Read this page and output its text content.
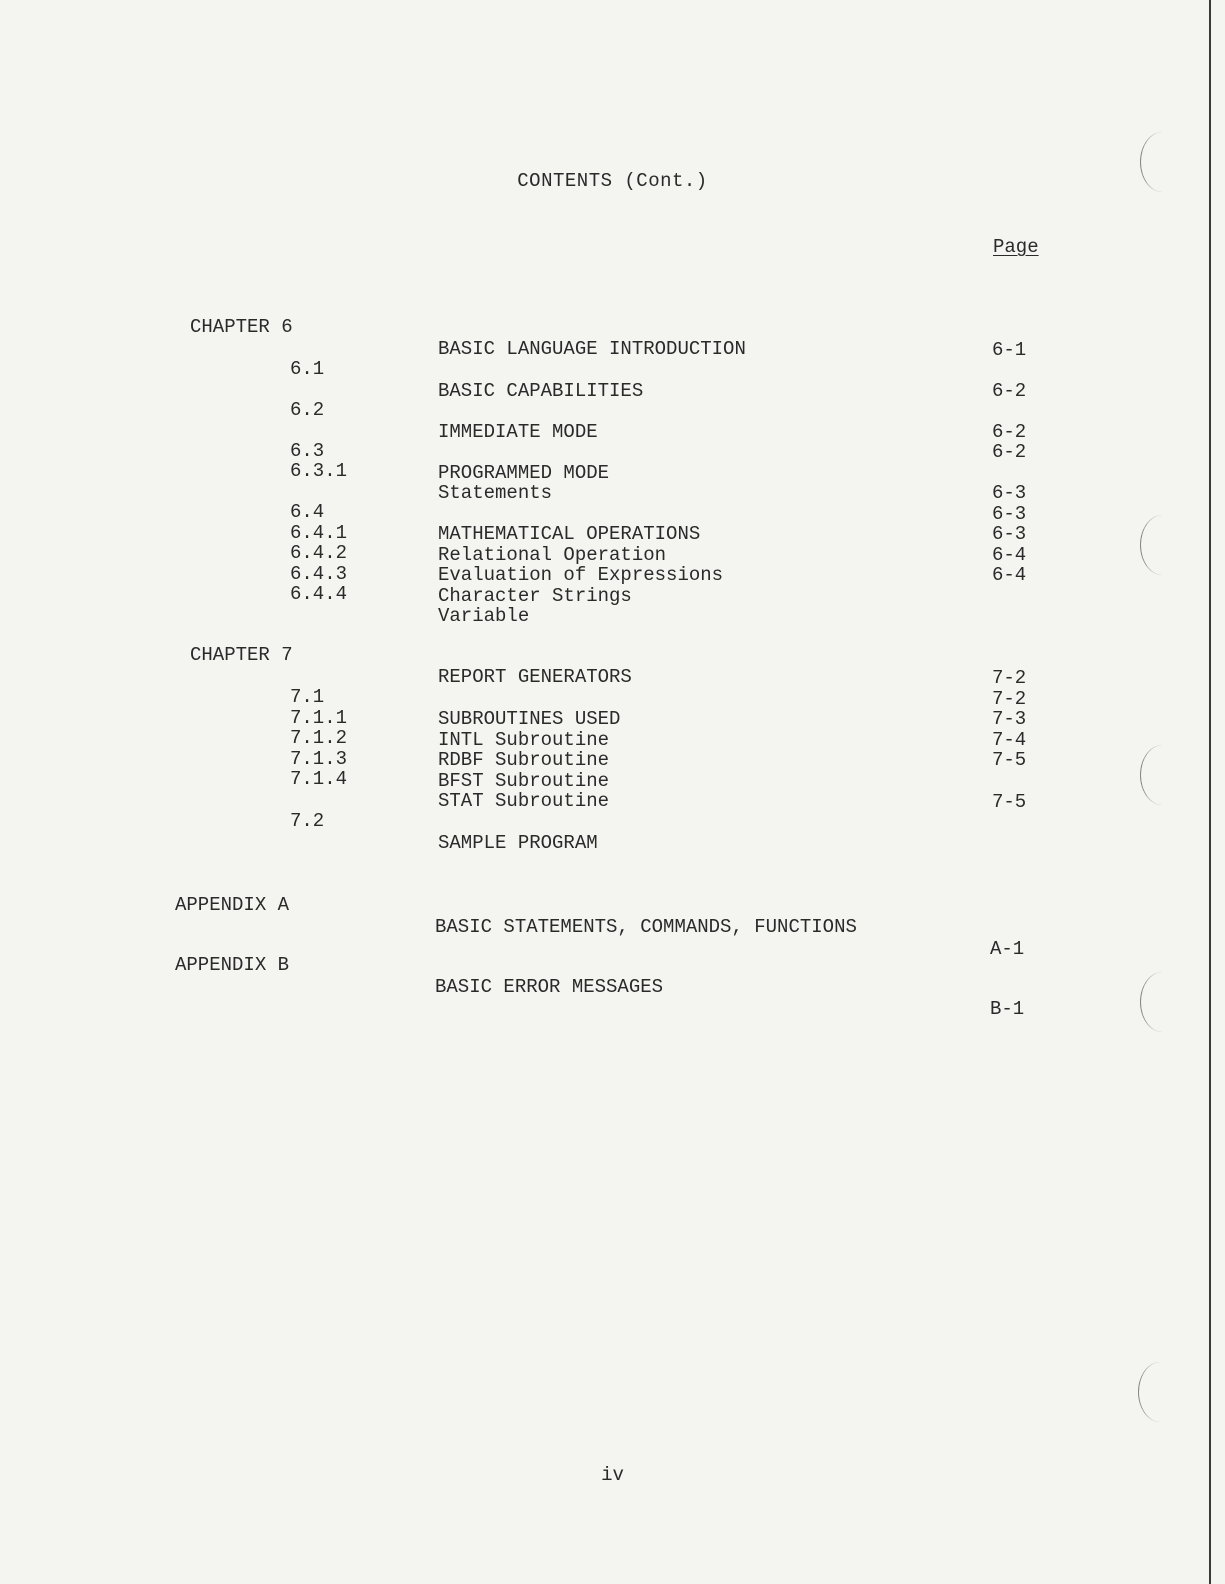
CONTENTS (Cont.)
Page

CHAPTER 6

BASIC LANGUAGE INTRODUCTION

6.1

BASIC CAPABILITIES

6-1

6.2

IMMEDIATE MODE

6-2

6.3

PROGRAMMED MODE

6-2

6.3.1

Statements

6-2

6.4

MATHEMATICAL OPERATIONS

6-3

6.4.1

Relational Operation

6-3

6.4.2

Evaluation of Expressions

6-3

6.4.3

Character Strings

6-4

6.4.4

Variable

6-4

CHAPTER 7

REPORT GENERATORS

7.1

SUBROUTINES USED

7-2

7.1.1

INTL Subroutine

7-2

7.1.2

RDBF Subroutine

7-3

7.1.3

BFST Subroutine

7-4

7.1.4

STAT Subroutine

7-5

7.2

SAMPLE PROGRAM

7-5

APPENDIX A

BASIC STATEMENTS, COMMANDS, FUNCTIONS

A-1

APPENDIX B

BASIC ERROR MESSAGES

B-1

iv
